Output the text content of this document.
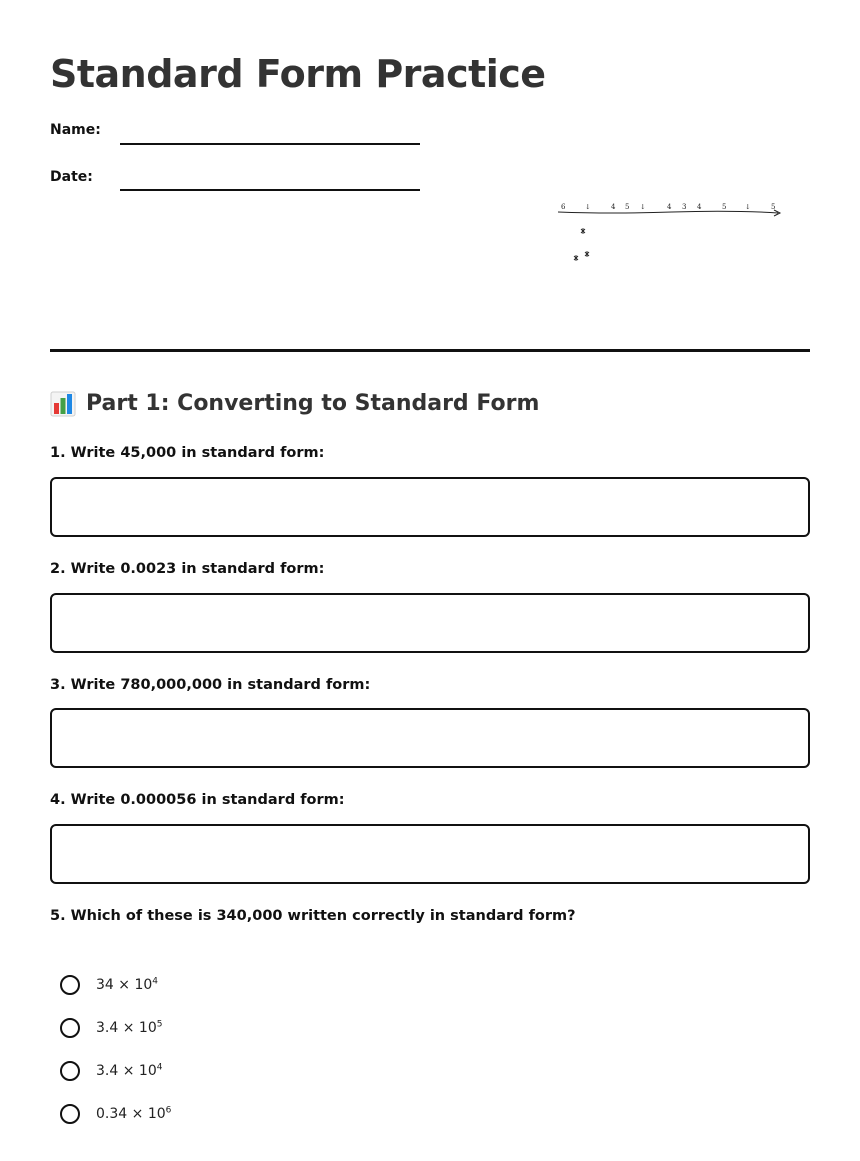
Standard Form Practice
Name:
Date:
6	↓	4 5 ↓	4 3 4	5	↓	5
Part 1: Converting to Standard Form
1. Write 45,000 in standard form:
2. Write 0.0023 in standard form:
3. Write 780,000,000 in standard form:
4. Write 0.000056 in standard form:
5. Which of these is 340,000 written correctly in standard form?
$34 \times 10^4$
$3.4 \times 10^5$
$3.4 \times 10^4$
$0.34 \times 10^6$
